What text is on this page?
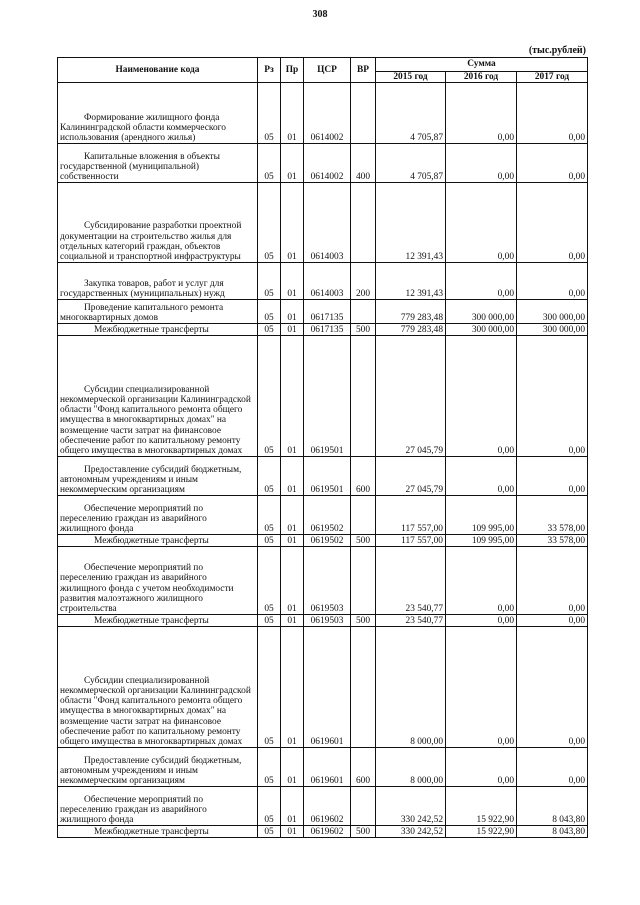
308
(тыс.рублей)
Наименование кода	Рз	Пр	ЦСР	ВР	Сумма		
					2015 год	2016 год	2017 год
Формирование жилищного фонда Калининградской области коммерческого использования (арендного жилья)	05	01	0614002		4 705,87	0,00	0,00
Капитальные вложения в объекты государственной (муниципальной) собственности	05	01	0614002	400	4 705,87	0,00	0,00
Субсидирование разработки проектной документации на строительство жилья для отдельных категорий граждан, объектов социальной и транспортной инфраструктуры	05	01	0614003		12 391,43	0,00	0,00
Закупка товаров, работ и услуг для государственных (муниципальных) нужд	05	01	0614003	200	12 391,43	0,00	0,00
Проведение капитального ремонта многоквартирных домов	05	01	0617135		779 283,48	300 000,00	300 000,00
Межбюджетные трансферты	05	01	0617135	500	779 283,48	300 000,00	300 000,00
Субсидии специализированной некоммерческой организации Калининградской области "Фонд капитального ремонта общего имущества в многоквартирных домах" на возмещение части затрат на финансовое обеспечение работ по капитальному ремонту общего имущества в многоквартирных домах	05	01	0619501		27 045,79	0,00	0,00
Предоставление субсидий бюджетным, автономным учреждениям и иным некоммерческим организациям	05	01	0619501	600	27 045,79	0,00	0,00
Обеспечение мероприятий по переселению граждан из аварийного жилищного фонда	05	01	0619502		117 557,00	109 995,00	33 578,00
Межбюджетные трансферты	05	01	0619502	500	117 557,00	109 995,00	33 578,00
Обеспечение мероприятий по переселению граждан из аварийного жилищного фонда с учетом необходимости развития малоэтажного жилищного строительства	05	01	0619503		23 540,77	0,00	0,00
Межбюджетные трансферты	05	01	0619503	500	23 540,77	0,00	0,00
Субсидии специализированной некоммерческой организации Калининградской области "Фонд капитального ремонта общего имущества в многоквартирных домах" на возмещение части затрат на финансовое обеспечение работ по капитальному ремонту общего имущества в многоквартирных домах	05	01	0619601		8 000,00	0,00	0,00
Предоставление субсидий бюджетным, автономным учреждениям и иным некоммерческим организациям	05	01	0619601	600	8 000,00	0,00	0,00
Обеспечение мероприятий по переселению граждан из аварийного жилищного фонда	05	01	0619602		330 242,52	15 922,90	8 043,80
Межбюджетные трансферты	05	01	0619602	500	330 242,52	15 922,90	8 043,80
